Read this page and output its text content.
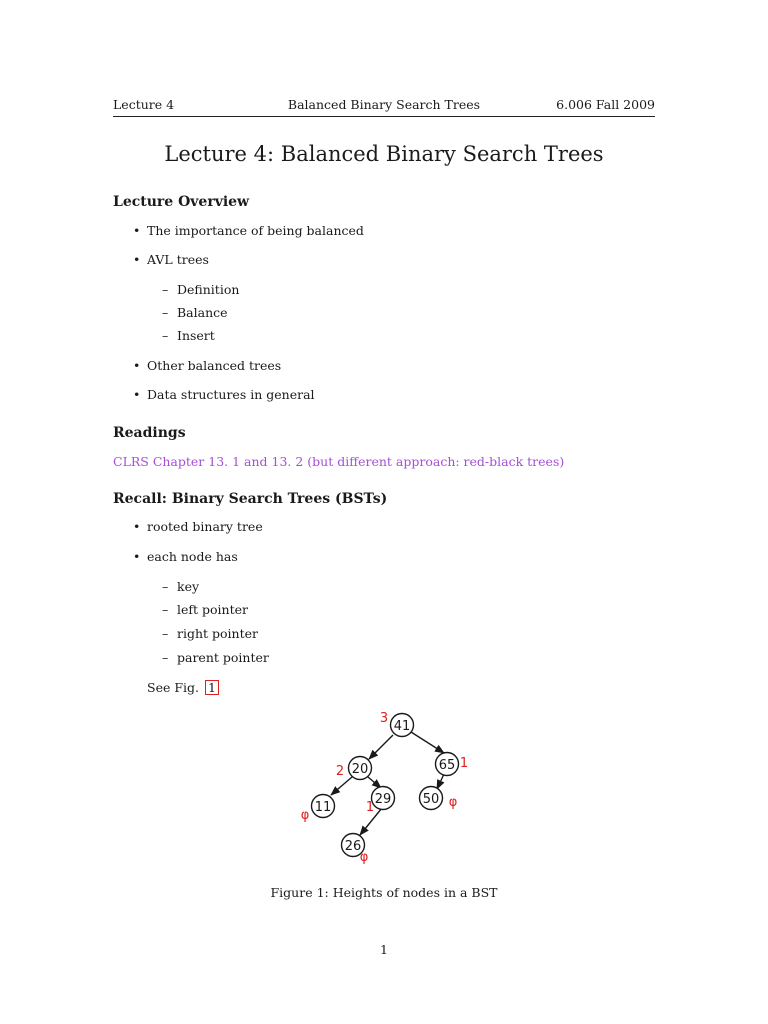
Lecture 4	Balanced Binary Search Trees	6.006 Fall 2009
Lecture 4: Balanced Binary Search Trees
Lecture Overview
• The importance of being balanced
• AVL trees
– Definition
– Balance
– Insert
• Other balanced trees
• Data structures in general
Readings
CLRS Chapter 13. 1 and 13. 2 (but different approach: red-black trees)
Recall: Binary Search Trees (BSTs)
• rooted binary tree
• each node has
– key
– left pointer
– right pointer
– parent pointer
See Fig. 1
41
20	65
11
29 50
26
3
2
1
φ
1	φ
φ
Figure 1: Heights of nodes in a BST
1
